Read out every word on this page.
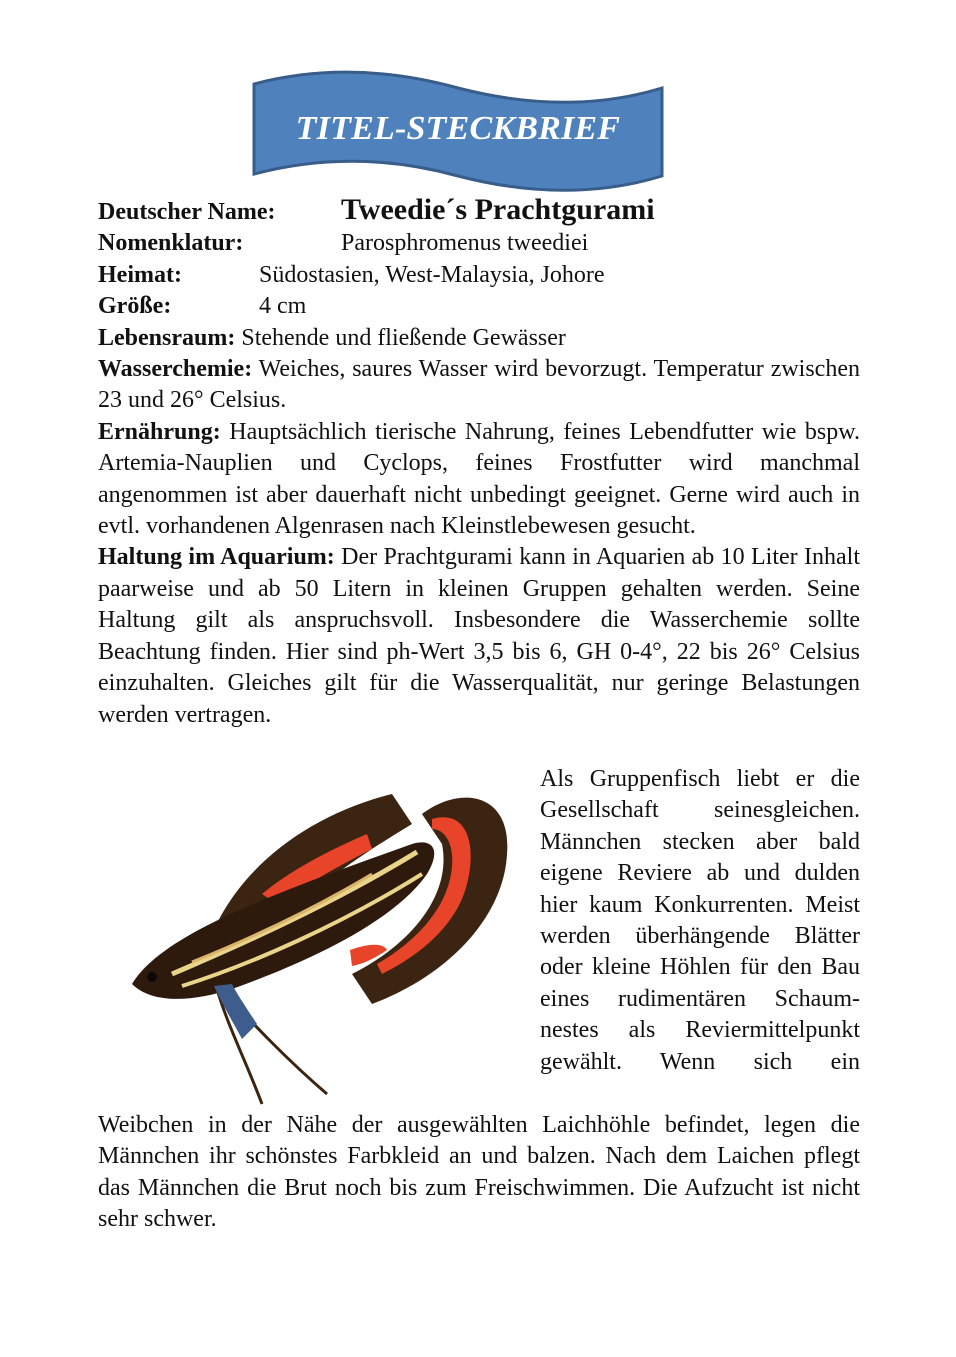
TITEL-STECKBRIEF
Deutscher Name: Tweedie´s Prachtgurami
Nomenklatur:	Parosphromenus tweediei
Heimat:	Südostasien, West-Malaysia, Johore
Größe:	4 cm
Lebensraum: Stehende und fließende Gewässer
Wasserchemie: Weiches, saures Wasser wird bevorzugt. Temperatur zwischen 23 und 26° Celsius.
Ernährung: Hauptsächlich tierische Nahrung, feines Lebendfutter wie bspw. Artemia-Nauplien und Cyclops, feines Frostfutter wird manchmal angenommen ist aber dauerhaft nicht unbedingt geeignet. Gerne wird auch in evtl. vorhandenen Algenrasen nach Kleinstlebewesen gesucht.
Haltung im Aquarium: Der Prachtgurami kann in Aquarien ab 10 Liter Inhalt paarweise und ab 50 Litern in kleinen Gruppen gehalten werden. Seine Haltung gilt als anspruchsvoll. Insbesondere die Wasserchemie sollte Beachtung finden. Hier sind ph-Wert 3,5 bis 6, GH 0-4°, 22 bis 26° Celsius einzuhalten. Gleiches gilt für die Wasserqualität, nur geringe Belastungen werden vertragen.
Als Gruppenfisch liebt er die Gesellschaft seinesgleichen. Männchen stecken aber bald eigene Reviere ab und dulden hier kaum Konkurrenten. Meist werden überhängende Blätter oder kleine Höhlen für den Bau eines rudimentären Schaum-nestes als Reviermittelpunkt gewählt. Wenn sich ein
Weibchen in der Nähe der ausgewählten Laichhöhle befindet, legen die Männchen ihr schönstes Farbkleid an und balzen. Nach dem Laichen pflegt das Männchen die Brut noch bis zum Freischwimmen. Die Aufzucht ist nicht sehr schwer.
